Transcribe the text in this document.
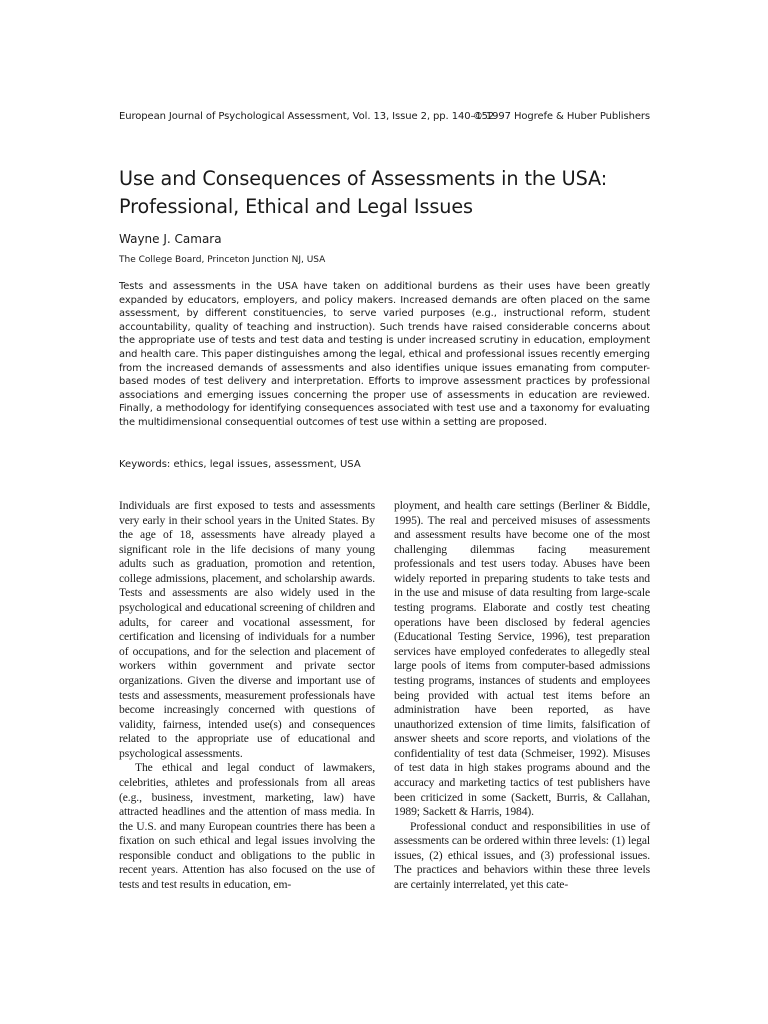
European Journal of Psychological Assessment, Vol. 13, Issue 2, pp. 140–152
© 1997 Hogrefe & Huber Publishers
Use and Consequences of Assessments in the USA:
Professional, Ethical and Legal Issues
Wayne J. Camara
The College Board, Princeton Junction NJ, USA

Tests and assessments in the USA have taken on additional burdens as their uses have been greatly expanded by educators, employers, and policy makers. Increased demands are often placed on the same assessment, by different constituencies, to serve varied purposes (e.g., instructional reform, student accountability, quality of teaching and instruction). Such trends have raised considerable concerns about the appropriate use of tests and test data and testing is under increased scrutiny in education, employment and health care. This paper distinguishes among the legal, ethical and professional issues recently emerging from the increased demands of assessments and also identifies unique issues emanating from computer-based modes of test delivery and interpretation. Efforts to improve assessment practices by professional associations and emerging issues concerning the proper use of assessments in education are reviewed. Finally, a methodology for identifying consequences associated with test use and a taxonomy for evaluating the multidimensional consequential outcomes of test use within a setting are proposed.

Keywords: ethics, legal issues, assessment, USA

Individuals are first exposed to tests and assessments very early in their school years in the United States. By the age of 18, assessments have already played a significant role in the life decisions of many young adults such as graduation, promotion and retention, college admissions, placement, and scholarship awards. Tests and assessments are also widely used in the psychological and educational screening of children and adults, for career and vocational assessment, for certification and licensing of individuals for a number of occupations, and for the selection and placement of workers within government and private sector organizations. Given the diverse and important use of tests and assessments, measurement professionals have become increasingly concerned with questions of validity, fairness, intended use(s) and consequences related to the appropriate use of educational and psychological assessments.

The ethical and legal conduct of lawmakers, celebrities, athletes and professionals from all areas (e.g., business, investment, marketing, law) have attracted headlines and the attention of mass media. In the U.S. and many European countries there has been a fixation on such ethical and legal issues involving the responsible conduct and obligations to the public in recent years. Attention has also focused on the use of tests and test results in education, em-

ployment, and health care settings (Berliner & Biddle, 1995). The real and perceived misuses of assessments and assessment results have become one of the most challenging dilemmas facing measurement professionals and test users today. Abuses have been widely reported in preparing students to take tests and in the use and misuse of data resulting from large-scale testing programs. Elaborate and costly test cheating operations have been disclosed by federal agencies (Educational Testing Service, 1996), test preparation services have employed confederates to allegedly steal large pools of items from computer-based admissions testing programs, instances of students and employees being provided with actual test items before an administration have been reported, as have unauthorized extension of time limits, falsification of answer sheets and score reports, and violations of the confidentiality of test data (Schmeiser, 1992). Misuses of test data in high stakes programs abound and the accuracy and marketing tactics of test publishers have been criticized in some (Sackett, Burris, & Callahan, 1989; Sackett & Harris, 1984).

Professional conduct and responsibilities in use of assessments can be ordered within three levels: (1) legal issues, (2) ethical issues, and (3) professional issues. The practices and behaviors within these three levels are certainly interrelated, yet this cate-
